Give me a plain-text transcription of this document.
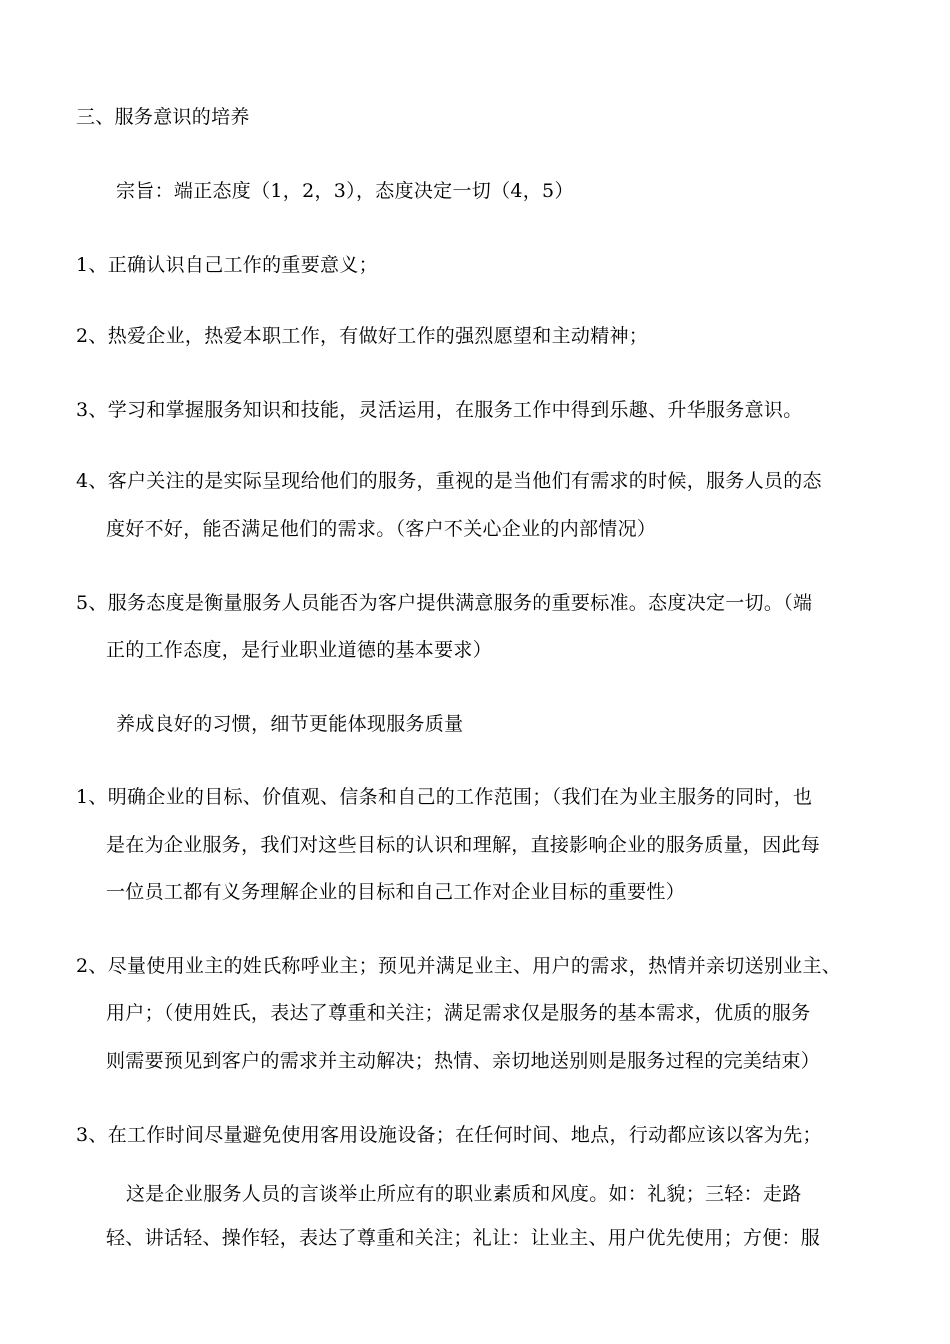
三、服务意识的培养
宗旨：端正态度（1，2，3），态度决定一切（4，5）
1、正确认识自己工作的重要意义；
2、热爱企业，热爱本职工作，有做好工作的强烈愿望和主动精神；
3、学习和掌握服务知识和技能，灵活运用，在服务工作中得到乐趣、升华服务意识。
4、客户关注的是实际呈现给他们的服务，重视的是当他们有需求的时候，服务人员的态
度好不好，能否满足他们的需求。（客户不关心企业的内部情况）
5、服务态度是衡量服务人员能否为客户提供满意服务的重要标准。态度决定一切。（端
正的工作态度，是行业职业道德的基本要求）
养成良好的习惯，细节更能体现服务质量
1、明确企业的目标、价值观、信条和自己的工作范围；（我们在为业主服务的同时，也
是在为企业服务，我们对这些目标的认识和理解，直接影响企业的服务质量，因此每
一位员工都有义务理解企业的目标和自己工作对企业目标的重要性）
2、尽量使用业主的姓氏称呼业主；预见并满足业主、用户的需求，热情并亲切送别业主、
用户；（使用姓氏，表达了尊重和关注；满足需求仅是服务的基本需求，优质的服务
则需要预见到客户的需求并主动解决；热情、亲切地送别则是服务过程的完美结束）
3、在工作时间尽量避免使用客用设施设备；在任何时间、地点，行动都应该以客为先；
这是企业服务人员的言谈举止所应有的职业素质和风度。如：礼貌；三轻：走路
轻、讲话轻、操作轻，表达了尊重和关注；礼让：让业主、用户优先使用；方便：服
